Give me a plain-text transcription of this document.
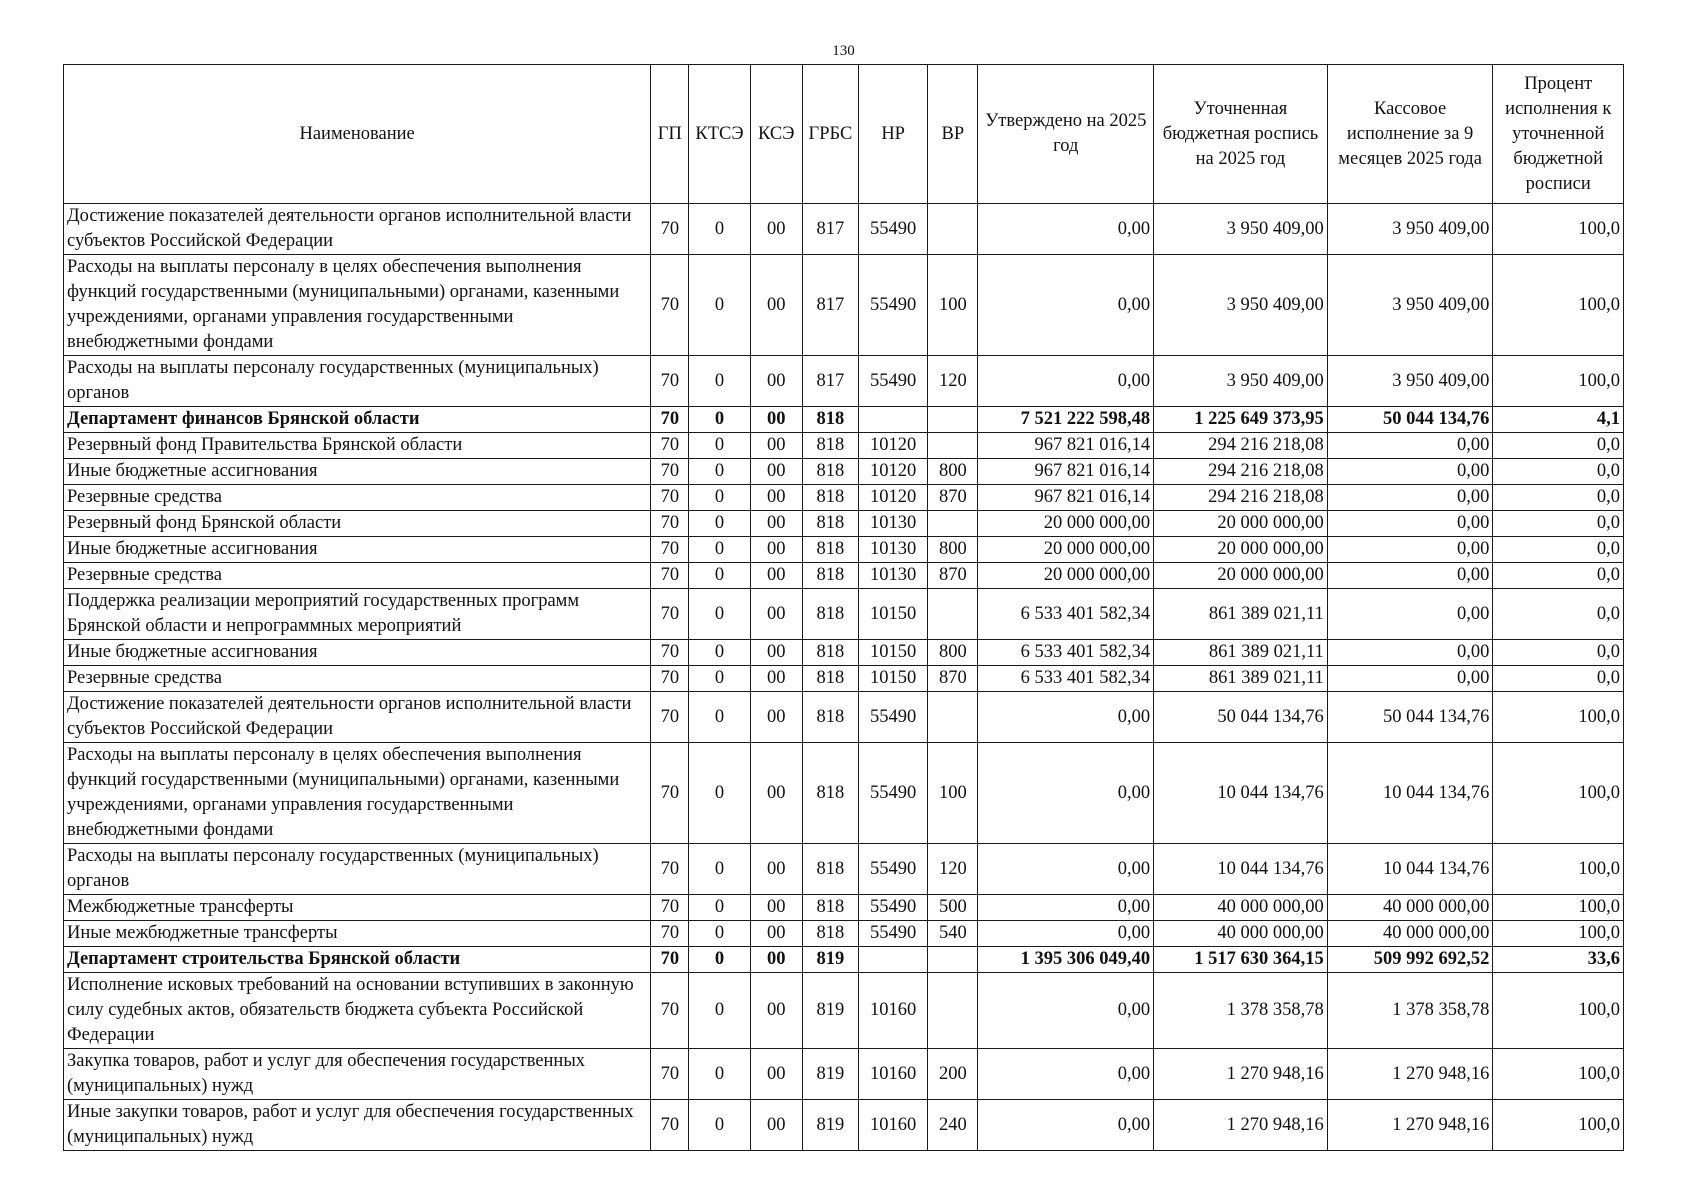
130
Наименование	ГП	КТСЭ	КСЭ	ГРБС	НР	ВР	Утверждено на 2025 год	Уточненная бюджетная роспись на 2025 год	Кассовое исполнение за 9 месяцев 2025 года	Процент исполнения к уточненной бюджетной росписи
Достижение показателей деятельности органов исполнительной власти субъектов Российской Федерации	70	0	00	817	55490		0,00	3 950 409,00	3 950 409,00	100,0
Расходы на выплаты персоналу в целях обеспечения выполнения функций государственными (муниципальными) органами, казенными учреждениями, органами управления государственными внебюджетными фондами	70	0	00	817	55490	100	0,00	3 950 409,00	3 950 409,00	100,0
Расходы на выплаты персоналу государственных (муниципальных) органов	70	0	00	817	55490	120	0,00	3 950 409,00	3 950 409,00	100,0
Департамент финансов Брянской области	70	0	00	818			7 521 222 598,48	1 225 649 373,95	50 044 134,76	4,1
Резервный фонд Правительства Брянской области	70	0	00	818	10120		967 821 016,14	294 216 218,08	0,00	0,0
Иные бюджетные ассигнования	70	0	00	818	10120	800	967 821 016,14	294 216 218,08	0,00	0,0
Резервные средства	70	0	00	818	10120	870	967 821 016,14	294 216 218,08	0,00	0,0
Резервный фонд Брянской области	70	0	00	818	10130		20 000 000,00	20 000 000,00	0,00	0,0
Иные бюджетные ассигнования	70	0	00	818	10130	800	20 000 000,00	20 000 000,00	0,00	0,0
Резервные средства	70	0	00	818	10130	870	20 000 000,00	20 000 000,00	0,00	0,0
Поддержка реализации мероприятий государственных программ Брянской области и непрограммных мероприятий	70	0	00	818	10150		6 533 401 582,34	861 389 021,11	0,00	0,0
Иные бюджетные ассигнования	70	0	00	818	10150	800	6 533 401 582,34	861 389 021,11	0,00	0,0
Резервные средства	70	0	00	818	10150	870	6 533 401 582,34	861 389 021,11	0,00	0,0
Достижение показателей деятельности органов исполнительной власти субъектов Российской Федерации	70	0	00	818	55490		0,00	50 044 134,76	50 044 134,76	100,0
Расходы на выплаты персоналу в целях обеспечения выполнения функций государственными (муниципальными) органами, казенными учреждениями, органами управления государственными внебюджетными фондами	70	0	00	818	55490	100	0,00	10 044 134,76	10 044 134,76	100,0
Расходы на выплаты персоналу государственных (муниципальных) органов	70	0	00	818	55490	120	0,00	10 044 134,76	10 044 134,76	100,0
Межбюджетные трансферты	70	0	00	818	55490	500	0,00	40 000 000,00	40 000 000,00	100,0
Иные межбюджетные трансферты	70	0	00	818	55490	540	0,00	40 000 000,00	40 000 000,00	100,0
Департамент строительства Брянской области	70	0	00	819			1 395 306 049,40	1 517 630 364,15	509 992 692,52	33,6
Исполнение исковых требований на основании вступивших в законную силу судебных актов, обязательств бюджета субъекта Российской Федерации	70	0	00	819	10160		0,00	1 378 358,78	1 378 358,78	100,0
Закупка товаров, работ и услуг для обеспечения государственных (муниципальных) нужд	70	0	00	819	10160	200	0,00	1 270 948,16	1 270 948,16	100,0
Иные закупки товаров, работ и услуг для обеспечения государственных (муниципальных) нужд	70	0	00	819	10160	240	0,00	1 270 948,16	1 270 948,16	100,0
